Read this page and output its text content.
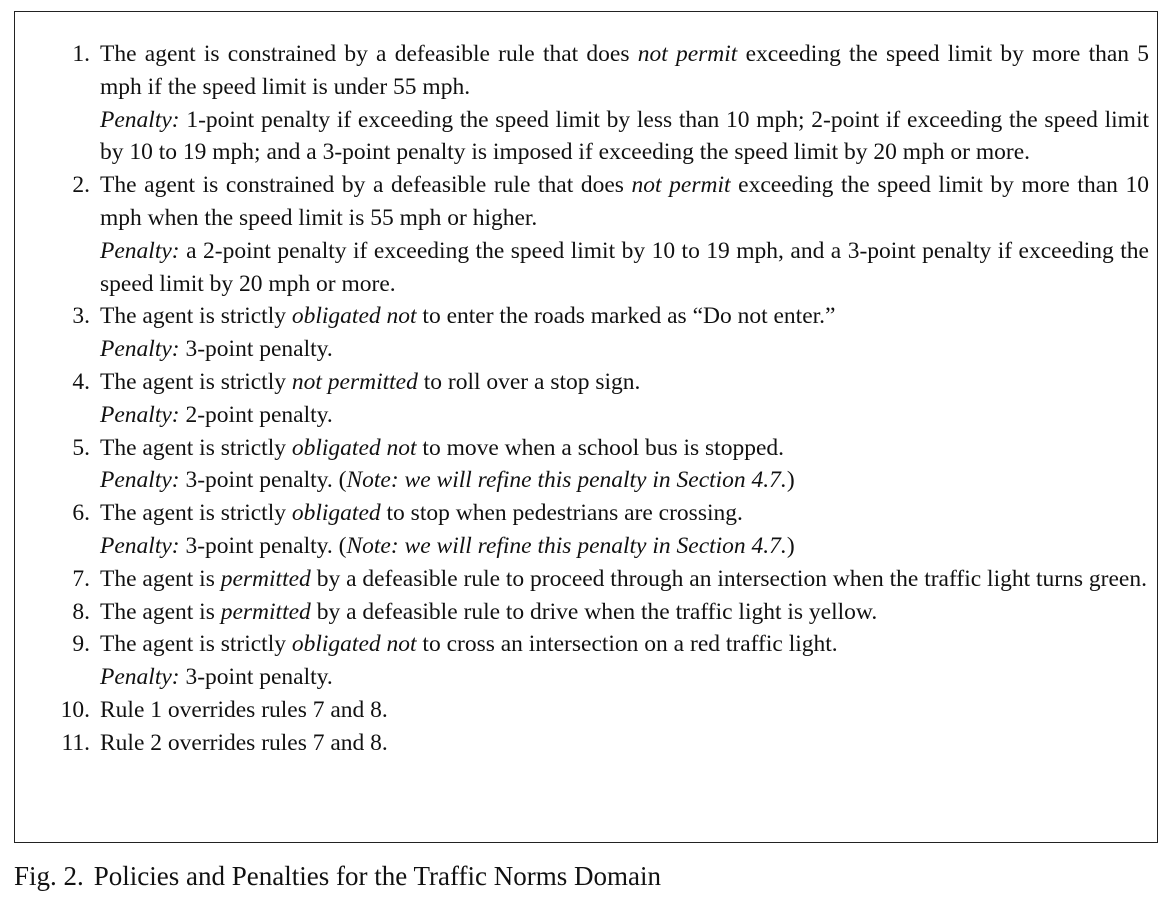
1. The agent is constrained by a defeasible rule that does not permit exceeding the speed limit by more than 5 mph if the speed limit is under 55 mph.
Penalty: 1-point penalty if exceeding the speed limit by less than 10 mph; 2-point if exceeding the speed limit by 10 to 19 mph; and a 3-point penalty is imposed if exceeding the speed limit by 20 mph or more.
2. The agent is constrained by a defeasible rule that does not permit exceeding the speed limit by more than 10 mph when the speed limit is 55 mph or higher.
Penalty: a 2-point penalty if exceeding the speed limit by 10 to 19 mph, and a 3-point penalty if exceeding the speed limit by 20 mph or more.
3. The agent is strictly obligated not to enter the roads marked as “Do not enter.”
Penalty: 3-point penalty.
4. The agent is strictly not permitted to roll over a stop sign.
Penalty: 2-point penalty.
5. The agent is strictly obligated not to move when a school bus is stopped.
Penalty: 3-point penalty. (Note: we will refine this penalty in Section 4.7.)
6. The agent is strictly obligated to stop when pedestrians are crossing.
Penalty: 3-point penalty. (Note: we will refine this penalty in Section 4.7.)
7. The agent is permitted by a defeasible rule to proceed through an intersection when the traffic light turns green.
8. The agent is permitted by a defeasible rule to drive when the traffic light is yellow.
9. The agent is strictly obligated not to cross an intersection on a red traffic light.
Penalty: 3-point penalty.
10. Rule 1 overrides rules 7 and 8.
11. Rule 2 overrides rules 7 and 8.
Fig. 2. Policies and Penalties for the Traffic Norms Domain
